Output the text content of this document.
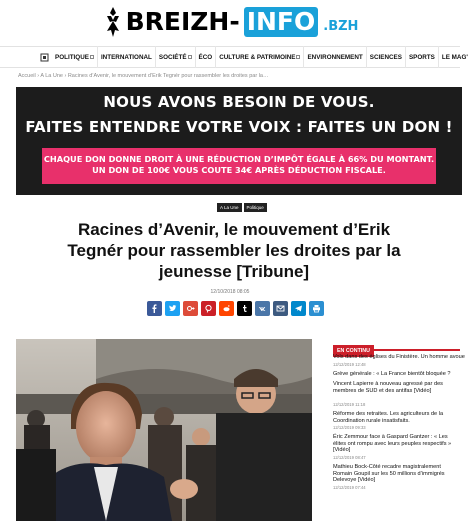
BREIZH- INFO .BZH
POLITIQUE INTERNATIONAL SOCIÉTÉ ÉCO CULTURE & PATRIMOINE ENVIRONNEMENT SCIENCES SPORTS LE MAG'
Accueil › A La Une › Racines d’Avenir, le mouvement d’Erik Tegnér pour rassembler les droites par la…
NOUS AVONS BESOIN DE VOUS.
FAITES ENTENDRE VOTRE VOIX : FAITES UN DON !
CHAQUE DON DONNE DROIT À UNE RÉDUCTION D’IMPÔT ÉGALE À 66% DU MONTANT.
UN DON DE 100€ VOUS COUTE 34€ APRÈS DÉDUCTION FISCALE.
A La Une	Politique
Racines d’Avenir, le mouvement d’Erik Tegnér pour rassembler les droites par la jeunesse [Tribune]
12/10/2018 08:05
EN CONTINU
Vols dans des églises du Finistère. Un homme avoue
12/12/2019 12:48
Grève générale : « La France bientôt bloquée ?
Vincent Lapierre à nouveau agressé par des membres de SUD et des antifas [Vidéo]
12/12/2019 11:18
Réforme des retraites. Les agriculteurs de la Coordination rurale insatisfaits.
12/12/2019 09:33
Éric Zemmour face à Gaspard Gantzer : « Les élites ont rompu avec leurs peuples respectifs » [Vidéo]
12/12/2019 08:47
Mathieu Bock-Côté recadre magistralement Romain Goupil sur les 50 millions d’immigrés Delevoye [Vidéo]
12/12/2019 07:44
